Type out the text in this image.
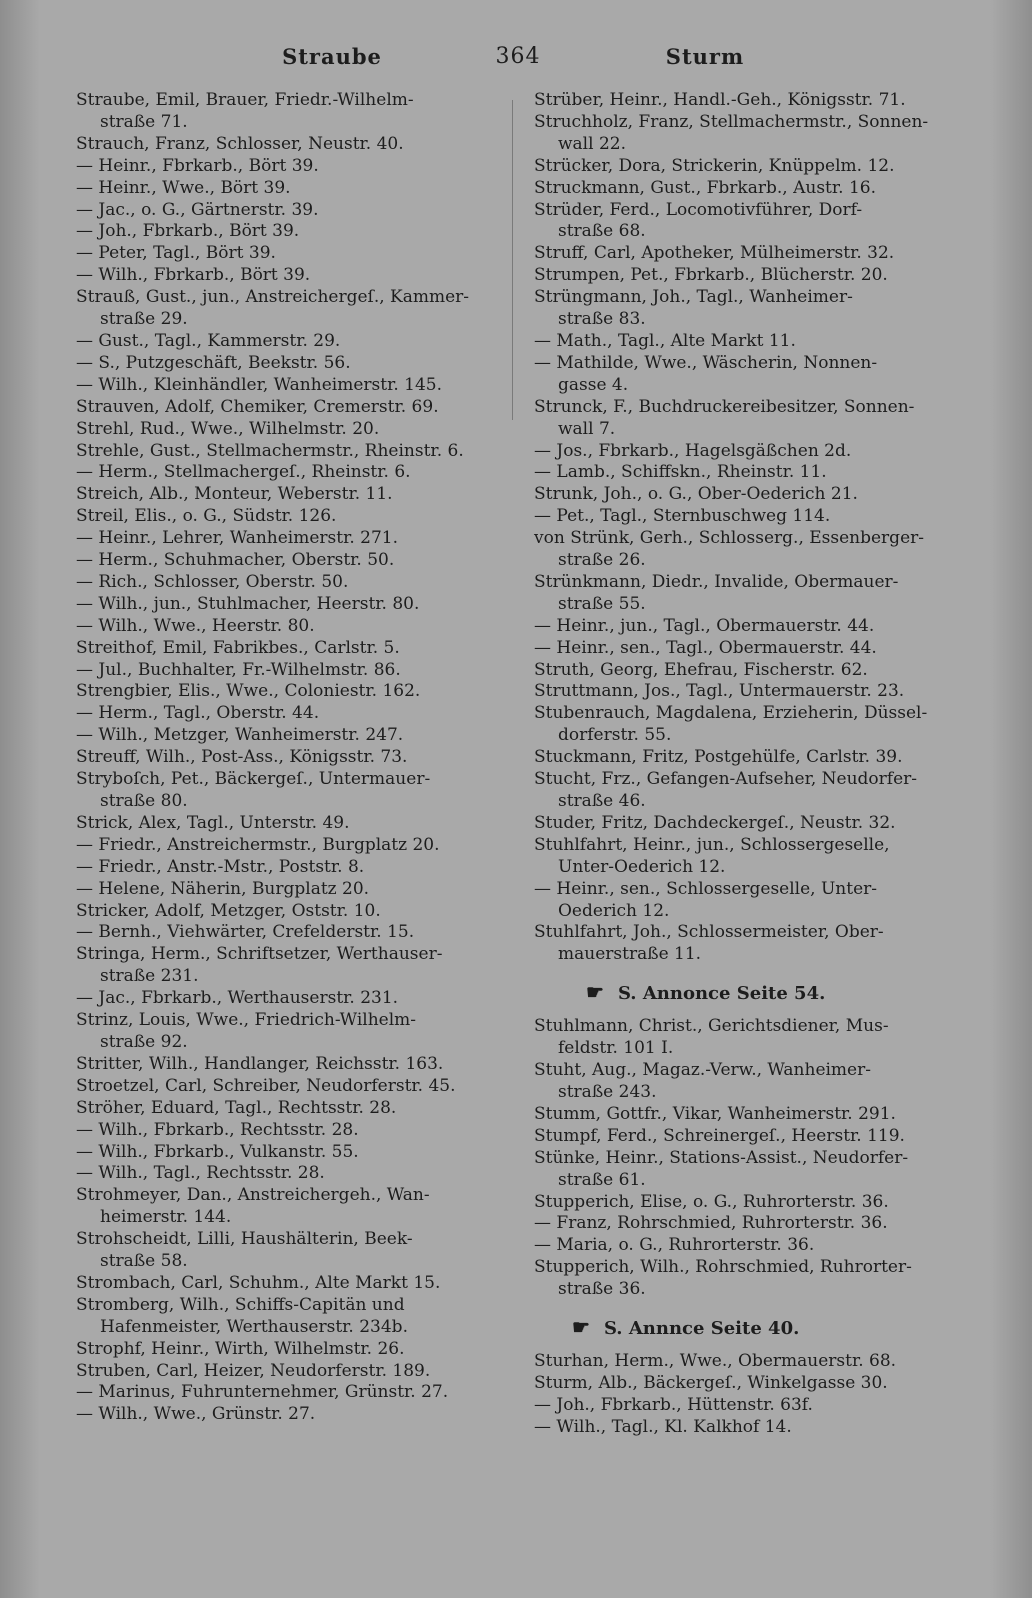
Straube	364	Sturm
Straube, Emil, Brauer, Friedr.-Wilhelm-
straße 71.
Strauch, Franz, Schlosser, Neustr. 40.
— Heinr., Fbrkarb., Bört 39.
— Heinr., Wwe., Bört 39.
— Jac., o. G., Gärtnerstr. 39.
— Joh., Fbrkarb., Bört 39.
— Peter, Tagl., Bört 39.
— Wilh., Fbrkarb., Bört 39.
Strauß, Gust., jun., Anstreichergeſ., Kammer-
straße 29.
— Gust., Tagl., Kammerstr. 29.
— S., Putzgeschäft, Beekstr. 56.
— Wilh., Kleinhändler, Wanheimerstr. 145.
Strauven, Adolf, Chemiker, Cremerstr. 69.
Strehl, Rud., Wwe., Wilhelmstr. 20.
Strehle, Gust., Stellmachermstr., Rheinstr. 6.
— Herm., Stellmachergeſ., Rheinstr. 6.
Streich, Alb., Monteur, Weberstr. 11.
Streil, Elis., o. G., Südstr. 126.
— Heinr., Lehrer, Wanheimerstr. 271.
— Herm., Schuhmacher, Oberstr. 50.
— Rich., Schlosser, Oberstr. 50.
— Wilh., jun., Stuhlmacher, Heerstr. 80.
— Wilh., Wwe., Heerstr. 80.
Streithof, Emil, Fabrikbes., Carlstr. 5.
— Jul., Buchhalter, Fr.-Wilhelmstr. 86.
Strengbier, Elis., Wwe., Coloniestr. 162.
— Herm., Tagl., Oberstr. 44.
— Wilh., Metzger, Wanheimerstr. 247.
Streuff, Wilh., Post-Ass., Königsstr. 73.
Stryboſch, Pet., Bäckergeſ., Untermauer-
straße 80.
Strick, Alex, Tagl., Unterstr. 49.
— Friedr., Anstreichermstr., Burgplatz 20.
— Friedr., Anstr.-Mstr., Poststr. 8.
— Helene, Näherin, Burgplatz 20.
Stricker, Adolf, Metzger, Oststr. 10.
— Bernh., Viehwärter, Crefelderstr. 15.
Stringa, Herm., Schriftsetzer, Werthauser-
straße 231.
— Jac., Fbrkarb., Werthauserstr. 231.
Strinz, Louis, Wwe., Friedrich-Wilhelm-
straße 92.
Stritter, Wilh., Handlanger, Reichsstr. 163.
Stroetzel, Carl, Schreiber, Neudorferstr. 45.
Ströher, Eduard, Tagl., Rechtsstr. 28.
— Wilh., Fbrkarb., Rechtsstr. 28.
— Wilh., Fbrkarb., Vulkanstr. 55.
— Wilh., Tagl., Rechtsstr. 28.
Strohmeyer, Dan., Anstreichergeh., Wan-
heimerstr. 144.
Strohscheidt, Lilli, Haushälterin, Beek-
straße 58.
Strombach, Carl, Schuhm., Alte Markt 15.
Stromberg, Wilh., Schiffs-Capitän und
Hafenmeister, Werthauserstr. 234b.
Strophf, Heinr., Wirth, Wilhelmstr. 26.
Struben, Carl, Heizer, Neudorferstr. 189.
— Marinus, Fuhrunternehmer, Grünstr. 27.
— Wilh., Wwe., Grünstr. 27.
Strüber, Heinr., Handl.-Geh., Königsstr. 71.
Struchholz, Franz, Stellmachermstr., Sonnen-
wall 22.
Strücker, Dora, Strickerin, Knüppelm. 12.
Struckmann, Gust., Fbrkarb., Austr. 16.
Strüder, Ferd., Locomotivführer, Dorf-
straße 68.
Struff, Carl, Apotheker, Mülheimerstr. 32.
Strumpen, Pet., Fbrkarb., Blücherstr. 20.
Strüngmann, Joh., Tagl., Wanheimer-
straße 83.
— Math., Tagl., Alte Markt 11.
— Mathilde, Wwe., Wäscherin, Nonnen-
gasse 4.
Strunck, F., Buchdruckereibesitzer, Sonnen-
wall 7.
— Jos., Fbrkarb., Hagelsgäßchen 2d.
— Lamb., Schiffskn., Rheinstr. 11.
Strunk, Joh., o. G., Ober-Oederich 21.
— Pet., Tagl., Sternbuschweg 114.
von Strünk, Gerh., Schlosserg., Essenberger-
straße 26.
Strünkmann, Diedr., Invalide, Obermauer-
straße 55.
— Heinr., jun., Tagl., Obermauerstr. 44.
— Heinr., sen., Tagl., Obermauerstr. 44.
Struth, Georg, Ehefrau, Fischerstr. 62.
Struttmann, Jos., Tagl., Untermauerstr. 23.
Stubenrauch, Magdalena, Erzieherin, Düssel-
dorferstr. 55.
Stuckmann, Fritz, Postgehülfe, Carlstr. 39.
Stucht, Frz., Gefangen-Aufseher, Neudorfer-
straße 46.
Studer, Fritz, Dachdeckergeſ., Neustr. 32.
Stuhlfahrt, Heinr., jun., Schlossergeselle,
Unter-Oederich 12.
— Heinr., sen., Schlossergeselle, Unter-
Oederich 12.
Stuhlfahrt, Joh., Schlossermeister, Ober-
mauerstraße 11.
☛ S. Annonce Seite 54.
Stuhlmann, Christ., Gerichtsdiener, Mus-
feldstr. 101 I.
Stuht, Aug., Magaz.-Verw., Wanheimer-
straße 243.
Stumm, Gottfr., Vikar, Wanheimerstr. 291.
Stumpf, Ferd., Schreinergeſ., Heerstr. 119.
Stünke, Heinr., Stations-Assist., Neudorfer-
straße 61.
Stupperich, Elise, o. G., Ruhrorterstr. 36.
— Franz, Rohrschmied, Ruhrorterstr. 36.
— Maria, o. G., Ruhrorterstr. 36.
Stupperich, Wilh., Rohrschmied, Ruhrorter-
straße 36.
☛ S. Annnce Seite 40.
Sturhan, Herm., Wwe., Obermauerstr. 68.
Sturm, Alb., Bäckergeſ., Winkelgasse 30.
— Joh., Fbrkarb., Hüttenstr. 63f.
— Wilh., Tagl., Kl. Kalkhof 14.
